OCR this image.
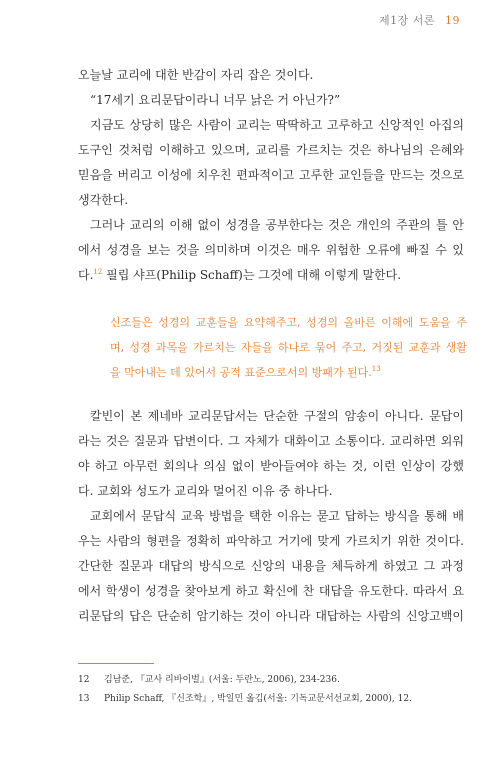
제1장 서론 19
오늘날 교리에 대한 반감이 자리 잡은 것이다.
“17세기 요리문답이라니 너무 낡은 거 아닌가?”
지금도 상당히 많은 사람이 교리는 딱딱하고 고루하고 신앙적인 아집의
도구인 것처럼 이해하고 있으며, 교리를 가르치는 것은 하나님의 은혜와
믿음을 버리고 이성에 치우친 편파적이고 고루한 교인들을 만드는 것으로
생각한다.
그러나 교리의 이해 없이 성경을 공부한다는 것은 개인의 주관의 틀 안
에서 성경을 보는 것을 의미하며 이것은 매우 위험한 오류에 빠질 수 있
다.$^{12}$ 필립 샤프(Philip Schaff)는 그것에 대해 이렇게 말한다.
신조들은 성경의 교훈들을 요약해주고, 성경의 올바른 이해에 도움을 주
며, 성경 과목을 가르치는 자들을 하나로 묶어 주고, 거짓된 교훈과 생활
을 막아내는 데 있어서 공적 표준으로서의 방패가 된다.$^{13}$
칼빈이 본 제네바 교리문답서는 단순한 구절의 암송이 아니다. 문답이
라는 것은 질문과 답변이다. 그 자체가 대화이고 소통이다. 교리하면 외워
야 하고 아무런 회의나 의심 없이 받아들여야 하는 것, 이런 인상이 강했
다. 교회와 성도가 교리와 멀어진 이유 중 하나다.
교회에서 문답식 교육 방법을 택한 이유는 묻고 답하는 방식을 통해 배
우는 사람의 형편을 정확히 파악하고 거기에 맞게 가르치기 위한 것이다.
간단한 질문과 대답의 방식으로 신앙의 내용을 체득하게 하였고 그 과정
에서 학생이 성경을 찾아보게 하고 확신에 찬 대답을 유도한다. 따라서 요
리문답의 답은 단순히 암기하는 것이 아니라 대답하는 사람의 신앙고백이
12 김남준, 『교사 리바이벌』(서울: 두란노, 2006), 234-236.
13 Philip Schaff, 『신조학』, 박일민 옮김(서울: 기독교문서선교회, 2000), 12.
